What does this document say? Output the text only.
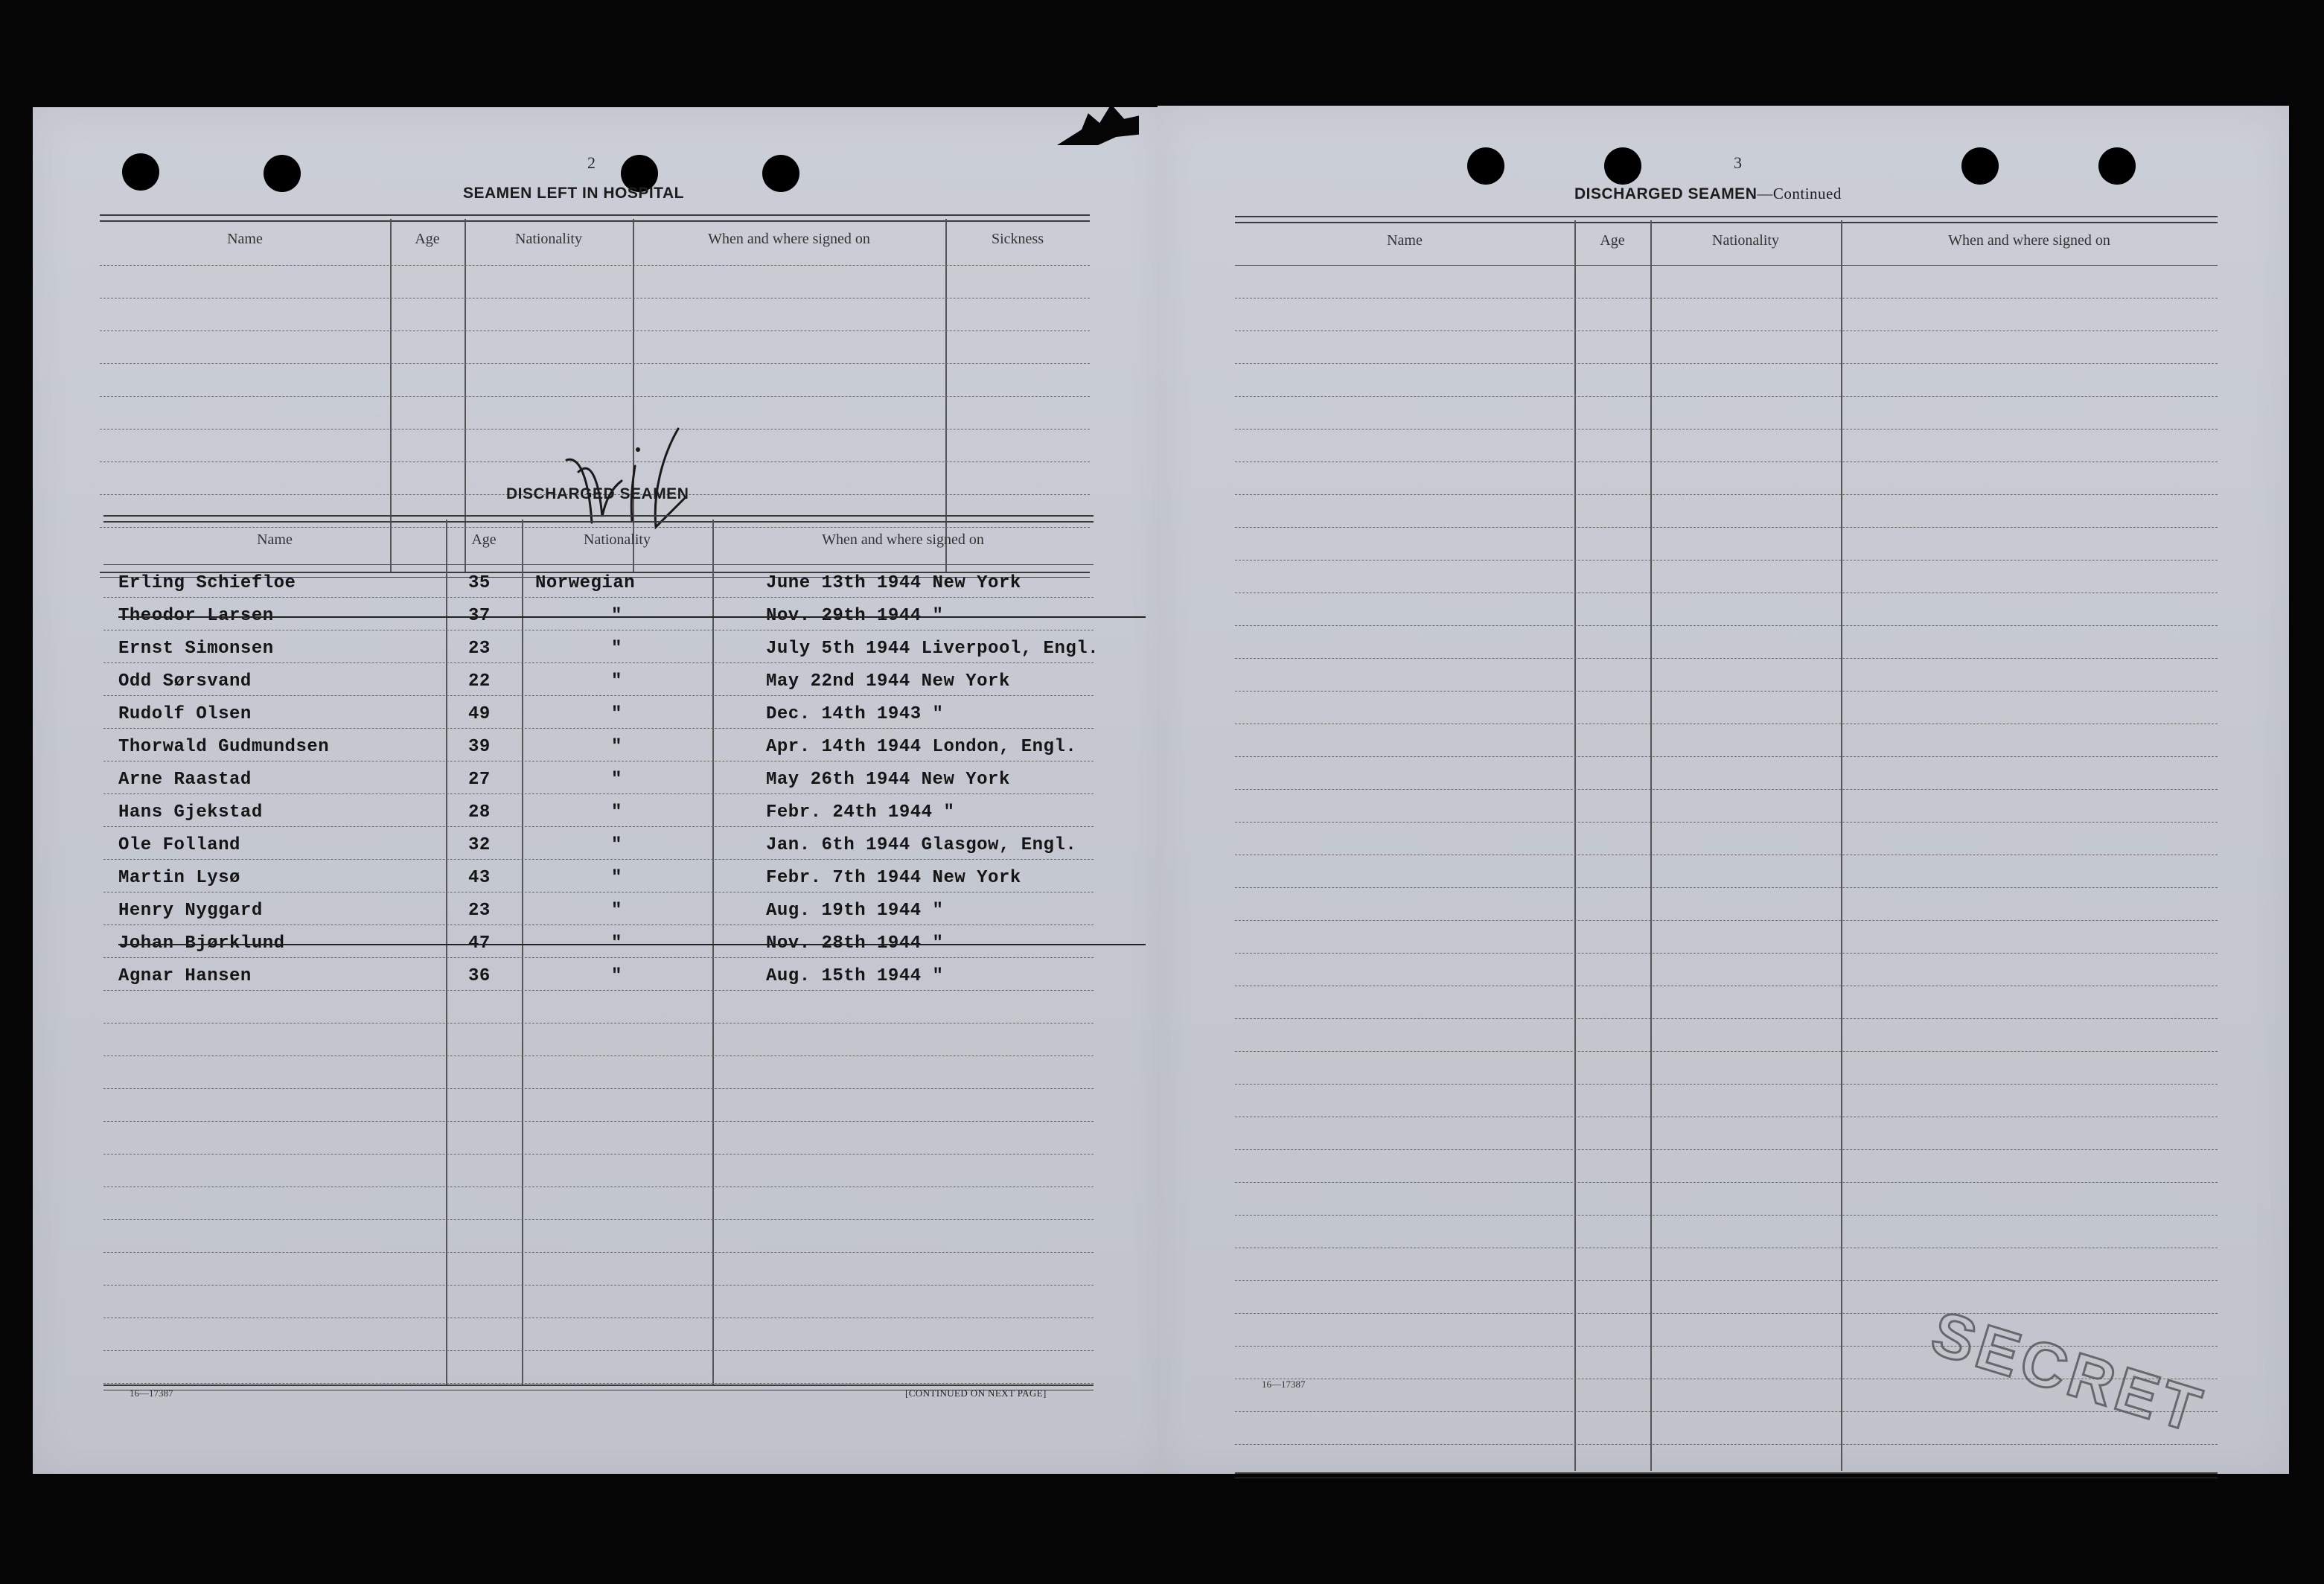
2
SEAMEN LEFT IN HOSPITAL
Name	Age	Nationality	When and where signed on	Sickness
DISCHARGED SEAMEN
Name	Age	Nationality	When and where signed on
Erling Schiefloe	35	Norwegian	June 13th 1944 New York
Theodor Larsen	37	"	Nov. 29th 1944 "
Ernst Simonsen	23	"	July 5th 1944 Liverpool, Engl.
Odd Sørsvand	22	"	May 22nd 1944 New York
Rudolf Olsen	49	"	Dec. 14th 1943 "
Thorwald Gudmundsen	39	"	Apr. 14th 1944 London, Engl.
Arne Raastad	27	"	May 26th 1944 New York
Hans Gjekstad	28	"	Febr. 24th 1944 "
Ole Folland	32	"	Jan. 6th 1944 Glasgow, Engl.
Martin Lysø	43	"	Febr. 7th 1944 New York
Henry Nyggard	23	"	Aug. 19th 1944 "
Johan Bjørklund	47	"	Nov. 28th 1944 "
Agnar Hansen	36	"	Aug. 15th 1944 "
16—17387	[CONTINUED ON NEXT PAGE]
3
DISCHARGED SEAMEN—Continued
Name	Age	Nationality	When and where signed on
16—17387	SECRET
